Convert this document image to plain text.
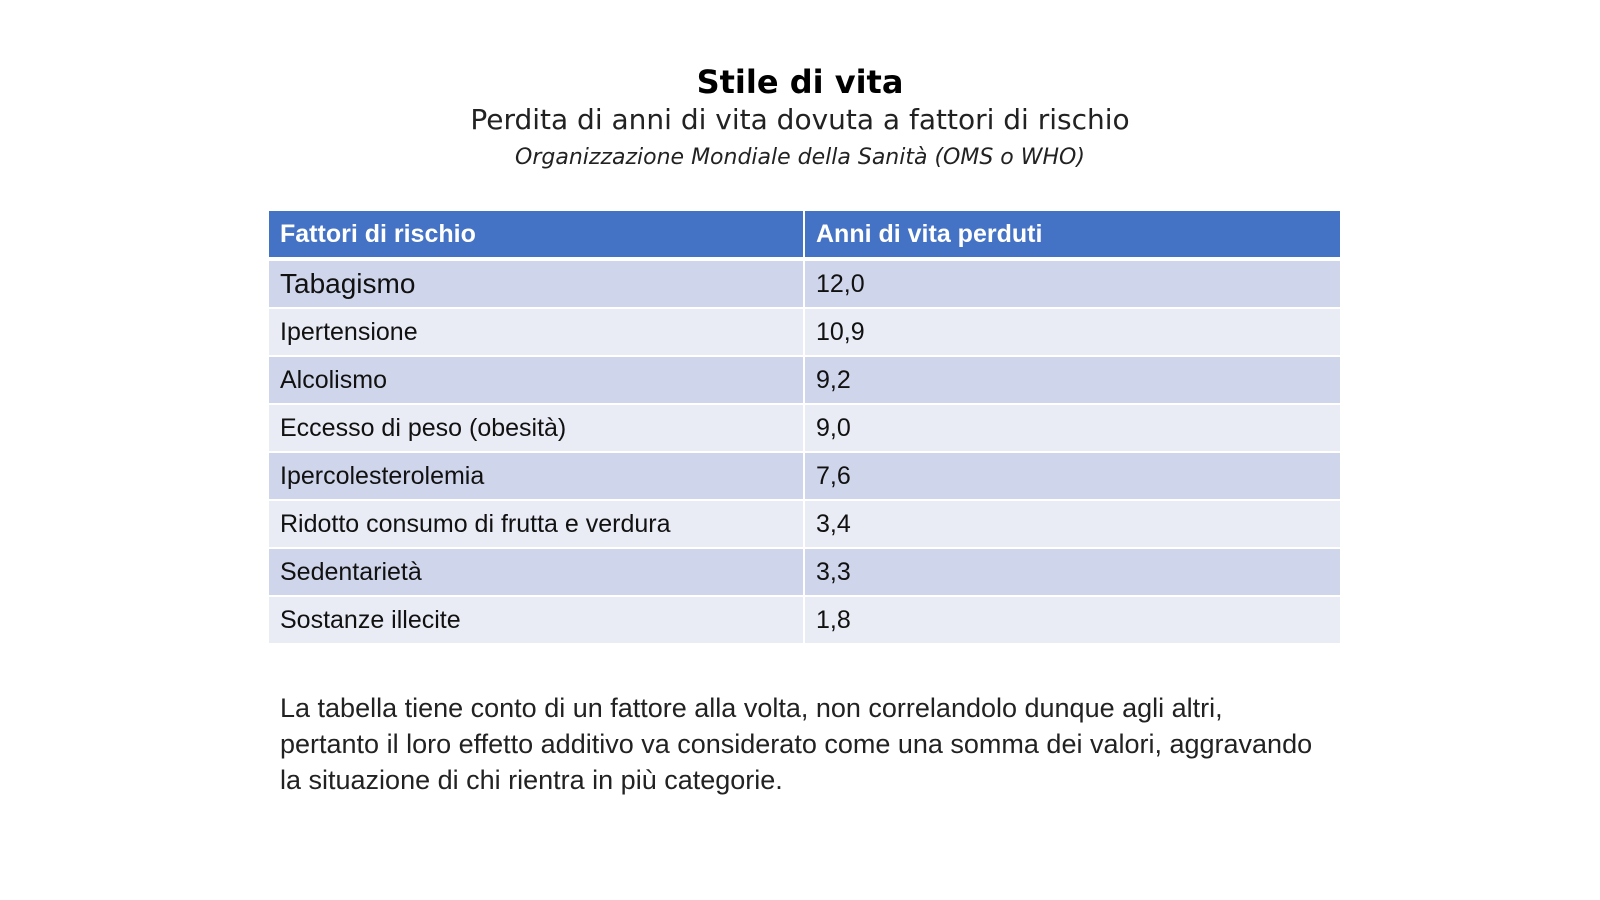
Stile di vita

Perdita di anni di vita dovuta a fattori di rischio

Organizzazione Mondiale della Sanità (OMS o WHO)

Fattori di rischio	Anni di vita perduti
Tabagismo	12,0
Ipertensione	10,9
Alcolismo	9,2
Eccesso di peso (obesità)	9,0
Ipercolesterolemia	7,6
Ridotto consumo di frutta e verdura	3,4
Sedentarietà	3,3
Sostanze illecite	1,8

La tabella tiene conto di un fattore alla volta, non correlandolo dunque agli altri, pertanto il loro effetto additivo va considerato come una somma dei valori, aggravando la situazione di chi rientra in più categorie.
